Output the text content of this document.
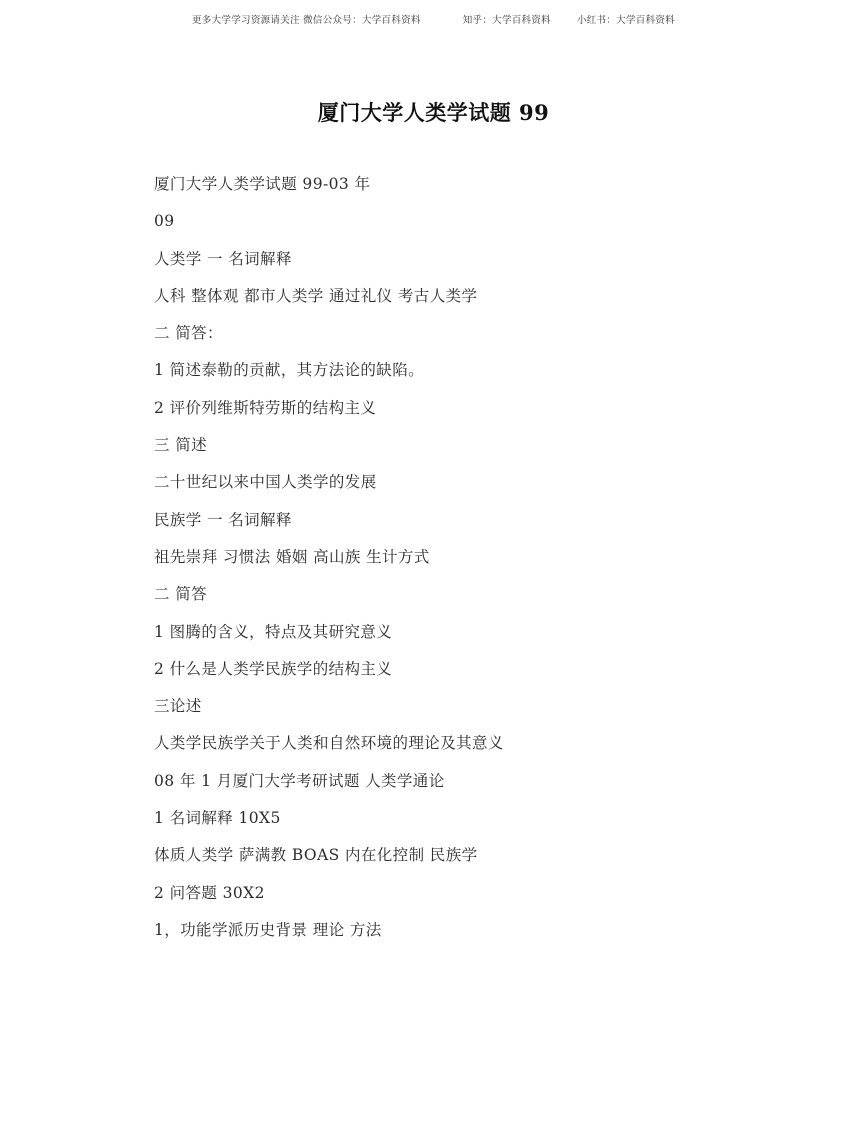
更多大学学习资源请关注 微信公众号：大学百科资料	知乎：大学百科资料	小红书：大学百科资料
厦门大学人类学试题 99

厦门大学人类学试题 99-03 年

09

人类学 一 名词解释

人科 整体观 都市人类学 通过礼仪 考古人类学

二 简答：

1 简述泰勒的贡献，其方法论的缺陷。

2 评价列维斯特劳斯的结构主义

三 简述

二十世纪以来中国人类学的发展

民族学 一 名词解释

祖先崇拜 习惯法 婚姻 高山族 生计方式

二 简答

1 图腾的含义，特点及其研究意义

2 什么是人类学民族学的结构主义

三论述

人类学民族学关于人类和自然环境的理论及其意义

08 年 1 月厦门大学考研试题 人类学通论

1 名词解释 10X5

体质人类学 萨满教 BOAS 内在化控制 民族学

2 问答题 30X2

1，功能学派历史背景 理论 方法
